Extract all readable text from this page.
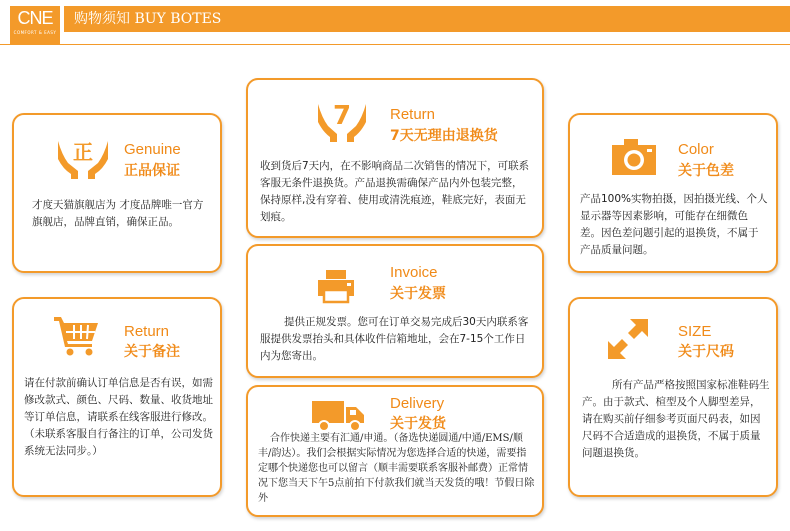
CNE
COMFORT & EASY
购物须知 BUY BOTES
正 Genuine
正品保证
才度天猫旗舰店为 才度品牌唯一官方旗舰店，品牌直销，确保正品。
7	Return
7天无理由退换货
收到货后7天内，在不影响商品二次销售的情况下，可联系客服无条件退换货。产品退换需确保产品内外包装完整，保持原样,没有穿着、使用或清洗痕迹，鞋底完好，表面无划痕。
Color
关于色差
产品100%实物拍摄，因拍摄光线、个人显示器等因素影响，可能存在细微色差。因色差问题引起的退换货，不属于产品质量问题。
Return
关于备注
请在付款前确认订单信息是否有误，如需修改款式、颜色、尺码、数量、收货地址等订单信息，请联系在线客服进行修改。（未联系客服自行备注的订单，公司发货系统无法同步。）
Invoice
关于发票
提供正规发票。您可在订单交易完成后30天内联系客服提供发票抬头和具体收件信箱地址，会在7-15个工作日内为您寄出。
SIZE
关于尺码
所有产品严格按照国家标准鞋码生产。由于款式、楦型及个人脚型差异，请在购买前仔细参考页面尺码表，如因尺码不合适造成的退换货，不属于质量问题退换货。
Delivery
关于发货
合作快递主要有汇通/申通。（备选快递圆通/中通/EMS/顺丰/韵达）。我们会根据实际情况为您选择合适的快递，需要指定哪个快递您也可以留言（顺丰需要联系客服补邮费）正常情况下您当天下午5点前拍下付款我们就当天发货的哦！节假日除外
